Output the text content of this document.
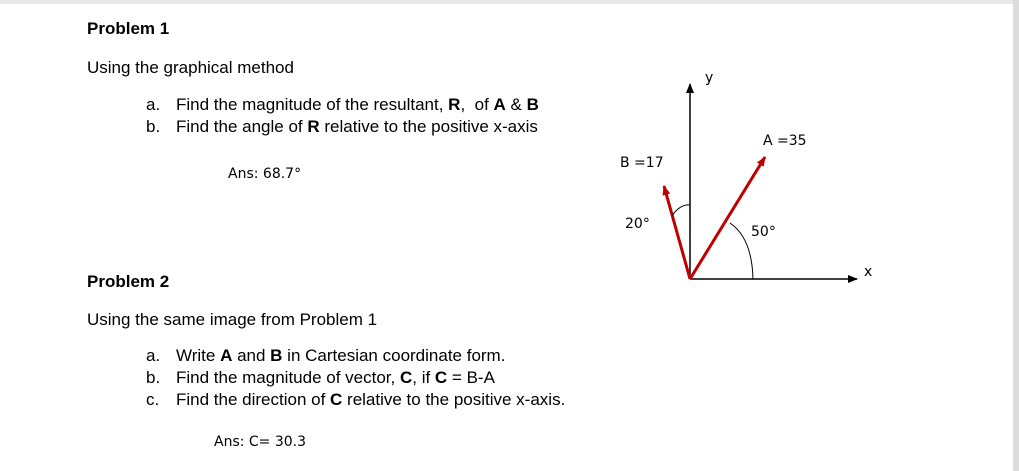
Problem 1
Using the graphical method
a. Find the magnitude of the resultant, R,  of A & B
b. Find the angle of R relative to the positive x-axis
Ans: 68.7°
Problem 2
Using the same image from Problem 1
a. Write A and B in Cartesian coordinate form.
b. Find the magnitude of vector, C, if C = B-A
c. Find the direction of C relative to the positive x-axis.
Ans: C= 30.3
y
x
A =35
B =17
20°	50°
